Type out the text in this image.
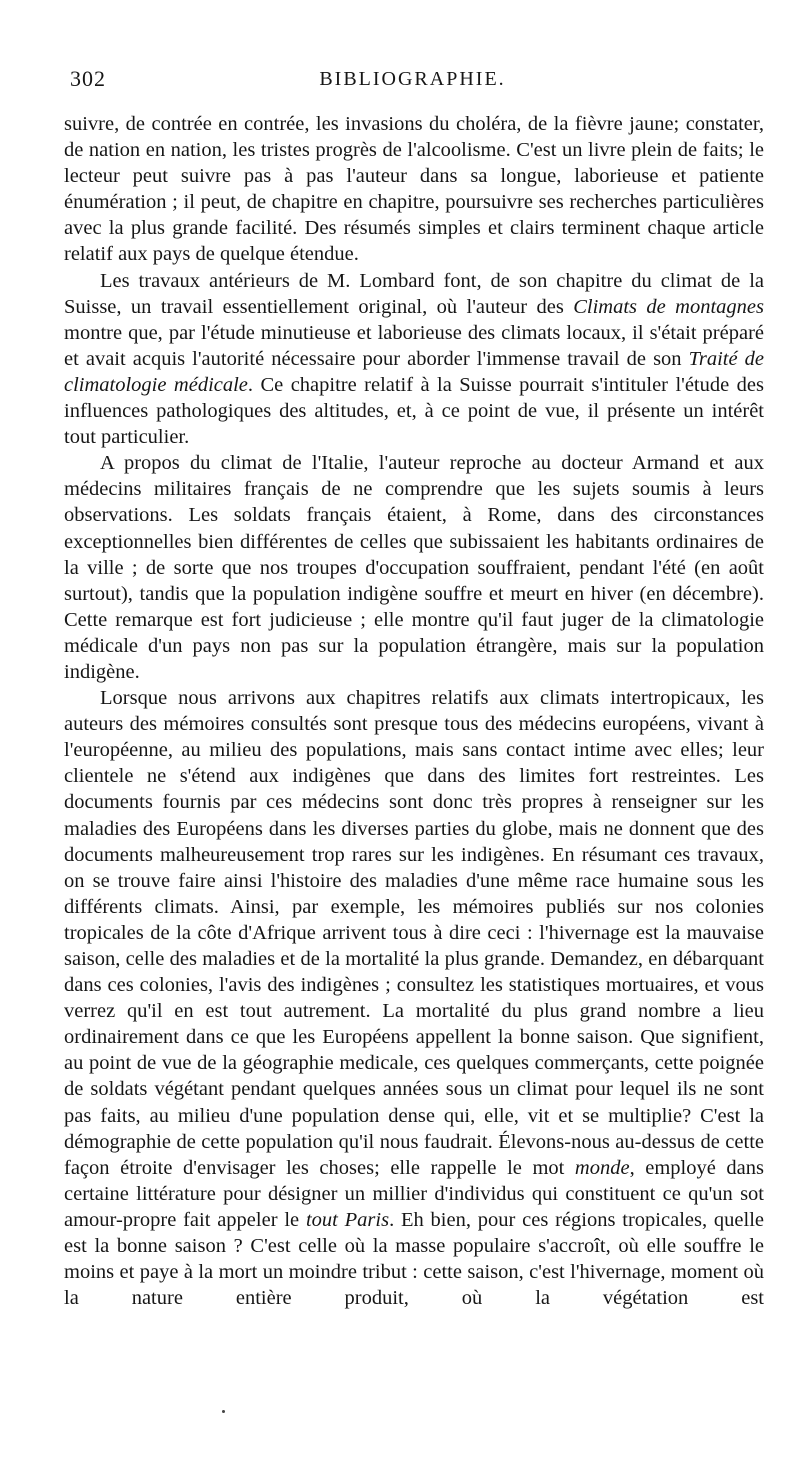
302	BIBLIOGRAPHIE.

suivre, de contrée en contrée, les invasions du choléra, de la fièvre jaune; constater, de nation en nation, les tristes progrès de l'alcoolisme. C'est un livre plein de faits; le lecteur peut suivre pas à pas l'auteur dans sa longue, laborieuse et patiente énumération ; il peut, de chapitre en chapitre, poursuivre ses recherches particulières avec la plus grande facilité. Des résumés simples et clairs terminent chaque article relatif aux pays de quelque étendue.

Les travaux antérieurs de M. Lombard font, de son chapitre du climat de la Suisse, un travail essentiellement original, où l'auteur des Climats de montagnes montre que, par l'étude minutieuse et laborieuse des climats locaux, il s'était préparé et avait acquis l'autorité nécessaire pour aborder l'immense travail de son Traité de climatologie médicale. Ce chapitre relatif à la Suisse pourrait s'intituler l'étude des influences pathologiques des altitudes, et, à ce point de vue, il présente un intérêt tout particulier.

A propos du climat de l'Italie, l'auteur reproche au docteur Armand et aux médecins militaires français de ne comprendre que les sujets soumis à leurs observations. Les soldats français étaient, à Rome, dans des circonstances exceptionnelles bien différentes de celles que subissaient les habitants ordinaires de la ville ; de sorte que nos troupes d'occupation souffraient, pendant l'été (en août surtout), tandis que la population indigène souffre et meurt en hiver (en décembre). Cette remarque est fort judicieuse ; elle montre qu'il faut juger de la climatologie médicale d'un pays non pas sur la population étrangère, mais sur la population indigène.

Lorsque nous arrivons aux chapitres relatifs aux climats intertropicaux, les auteurs des mémoires consultés sont presque tous des médecins européens, vivant à l'européenne, au milieu des populations, mais sans contact intime avec elles; leur clientele ne s'étend aux indigènes que dans des limites fort restreintes. Les documents fournis par ces médecins sont donc très propres à renseigner sur les maladies des Européens dans les diverses parties du globe, mais ne donnent que des documents malheureusement trop rares sur les indigènes. En résumant ces travaux, on se trouve faire ainsi l'histoire des maladies d'une même race humaine sous les différents climats. Ainsi, par exemple, les mémoires publiés sur nos colonies tropicales de la côte d'Afrique arrivent tous à dire ceci : l'hivernage est la mauvaise saison, celle des maladies et de la mortalité la plus grande. Demandez, en débarquant dans ces colonies, l'avis des indigènes ; consultez les statistiques mortuaires, et vous verrez qu'il en est tout autrement. La mortalité du plus grand nombre a lieu ordinairement dans ce que les Européens appellent la bonne saison. Que signifient, au point de vue de la géographie medicale, ces quelques commerçants, cette poignée de soldats végétant pendant quelques années sous un climat pour lequel ils ne sont pas faits, au milieu d'une population dense qui, elle, vit et se multiplie? C'est la démographie de cette population qu'il nous faudrait. Élevons-nous au-dessus de cette façon étroite d'envisager les choses; elle rappelle le mot monde, employé dans certaine littérature pour désigner un millier d'individus qui constituent ce qu'un sot amour-propre fait appeler le tout Paris. Eh bien, pour ces régions tropicales, quelle est la bonne saison ? C'est celle où la masse populaire s'accroît, où elle souffre le moins et paye à la mort un moindre tribut : cette saison, c'est l'hivernage, moment où la nature entière produit, où la végétation est
